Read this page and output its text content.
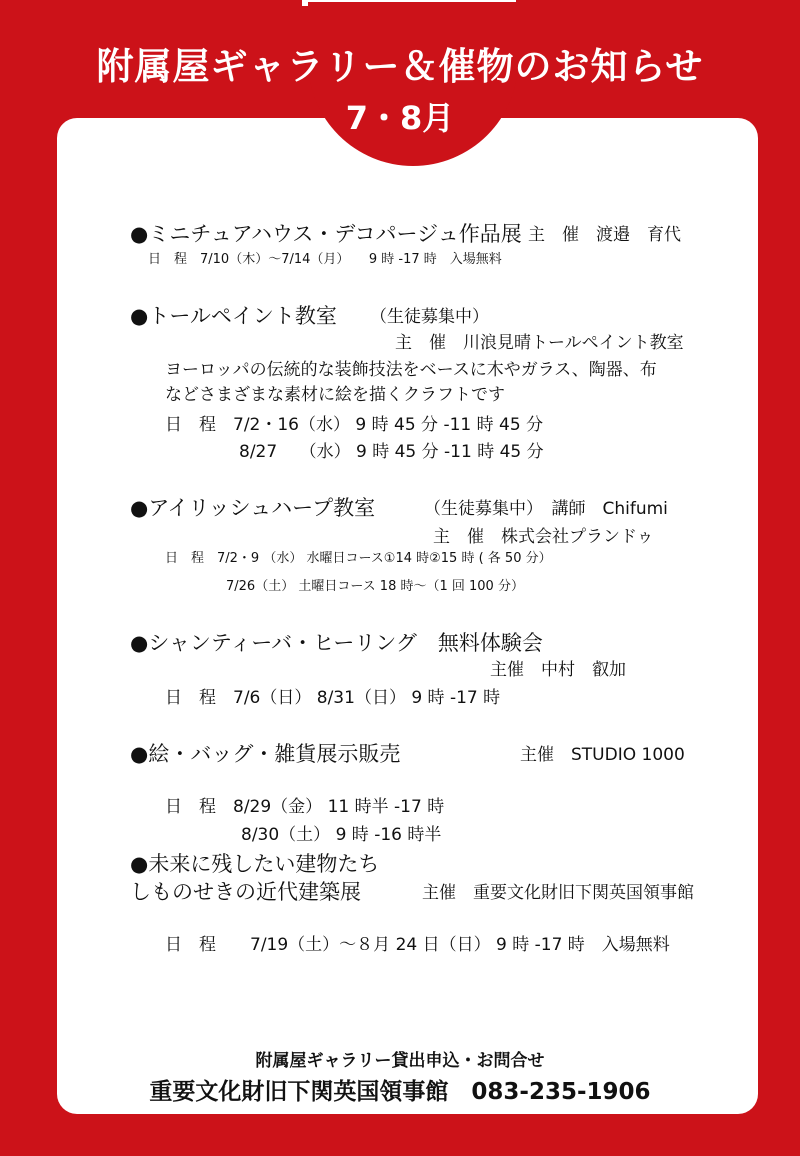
附属屋ギャラリー＆催物のお知らせ
7・8月
●ミニチュアハウス・デコパージュ作品展 主　催　渡邉　育代
日　程　7/10（木）～7/14（月）　　9 時 -17 時　入場無料
●トールペイント教室 （生徒募集中）
主　催　川浪見晴トールペイント教室
ヨーロッパの伝統的な装飾技法をベースに木やガラス、陶器、布
などさまざまな素材に絵を描くクラフトです
日　程　7/2・16（水） 9 時 45 分 -11 時 45 分
8/27　 （水） 9 時 45 分 -11 時 45 分
●アイリッシュハープ教室	（生徒募集中）　講師　Chifumi
主　催　株式会社プランドゥ
日　程　7/2・9 （水） 水曜日コース①14 時②15 時 ( 各 50 分）
7/26（土） 土曜日コース 18 時～（1 回 100 分）
●シャンティーバ・ヒーリング　無料体験会
主催　中村　叡加
日　程　7/6（日） 8/31（日） 9 時 -17 時
●絵・バッグ・雑貨展示販売	主催　STUDIO 1000
日　程　8/29（金） 11 時半 -17 時
8/30（土） 9 時 -16 時半
●未来に残したい建物たち
しものせきの近代建築展	主催　重要文化財旧下関英国領事館
日　程　　7/19（土）～８月 24 日（日） 9 時 -17 時　入場無料
附属屋ギャラリー貸出申込・お問合せ
重要文化財旧下関英国領事館　083-235-1906
